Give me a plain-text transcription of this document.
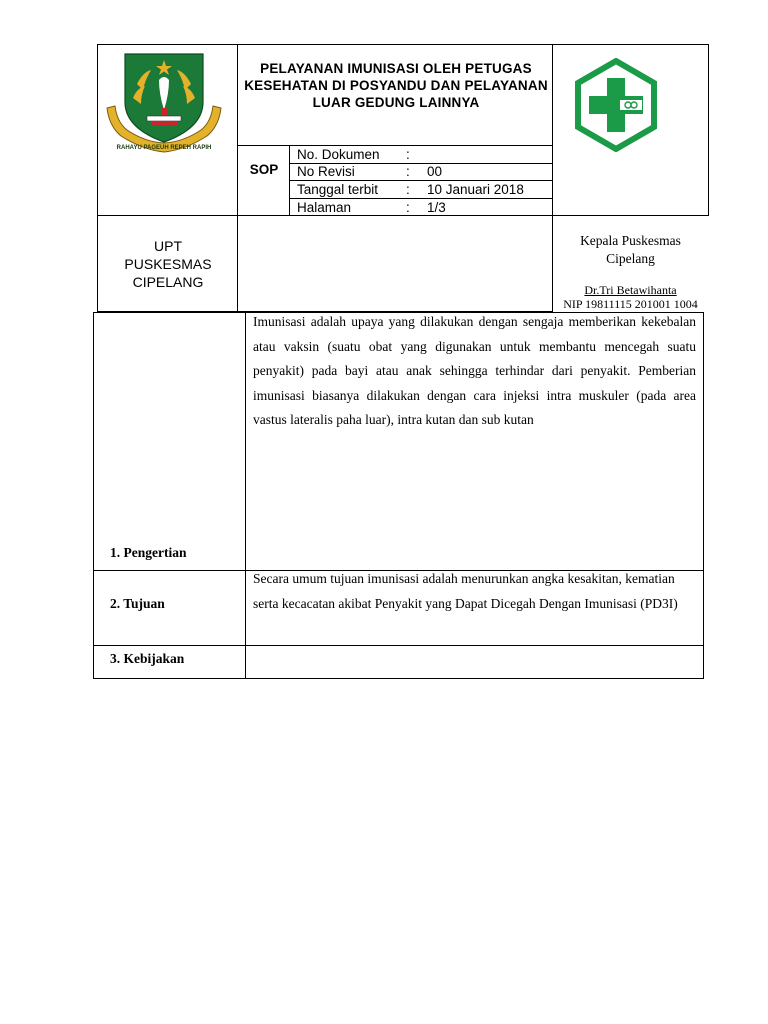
RAHAYU PAGEUH REPEH RAPIH
PELAYANAN IMUNISASI OLEH PETUGAS KESEHATAN DI POSYANDU DAN PELAYANAN LUAR GEDUNG LAINNYA
SOP
No. Dokumen :
No Revisi	: 00
Tanggal terbit : 10 Januari 2018
Halaman	: 1/3
UPT
PUSKESMAS
CIPELANG
Kepala Puskesmas
Cipelang
Dr.Tri Betawihanta
NIP 19811115 201001 1004
1. Pengertian
Imunisasi adalah upaya yang dilakukan dengan sengaja memberikan kekebalan atau vaksin (suatu obat yang digunakan untuk membantu mencegah suatu penyakit) pada bayi atau anak sehingga terhindar dari penyakit. Pemberian imunisasi biasanya dilakukan dengan cara injeksi intra muskuler (pada area vastus lateralis paha luar), intra kutan dan sub kutan
2. Tujuan
Secara umum tujuan imunisasi adalah menurunkan angka kesakitan, kematian serta kecacatan akibat Penyakit yang Dapat Dicegah Dengan Imunisasi (PD3I)
3. Kebijakan
